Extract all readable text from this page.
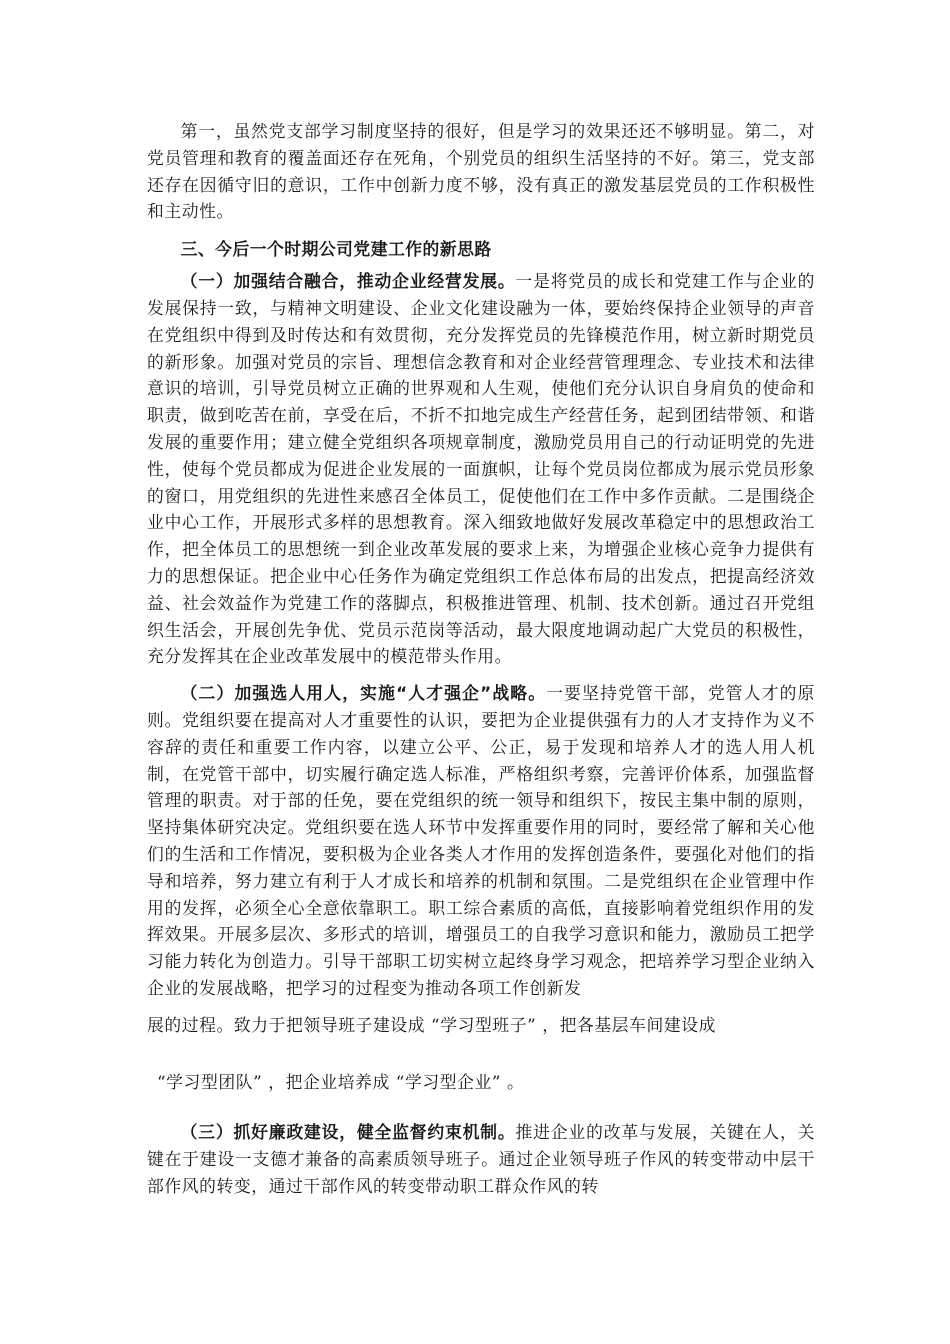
第一，虽然党支部学习制度坚持的很好，但是学习的效果还还不够明显。第二，对党员管理和教育的覆盖面还存在死角，个别党员的组织生活坚持的不好。第三，党支部还存在因循守旧的意识，工作中创新力度不够，没有真正的激发基层党员的工作积极性和主动性。

三、今后一个时期公司党建工作的新思路

（一）加强结合融合，推动企业经营发展。一是将党员的成长和党建工作与企业的发展保持一致，与精神文明建设、企业文化建设融为一体，要始终保持企业领导的声音在党组织中得到及时传达和有效贯彻，充分发挥党员的先锋模范作用，树立新时期党员的新形象。加强对党员的宗旨、理想信念教育和对企业经营管理理念、专业技术和法律意识的培训，引导党员树立正确的世界观和人生观，使他们充分认识自身肩负的使命和职责，做到吃苦在前，享受在后，不折不扣地完成生产经营任务，起到团结带领、和谐发展的重要作用；建立健全党组织各项规章制度，激励党员用自己的行动证明党的先进性，使每个党员都成为促进企业发展的一面旗帜，让每个党员岗位都成为展示党员形象的窗口，用党组织的先进性来感召全体员工，促使他们在工作中多作贡献。二是围绕企业中心工作，开展形式多样的思想教育。深入细致地做好发展改革稳定中的思想政治工作，把全体员工的思想统一到企业改革发展的要求上来，为增强企业核心竞争力提供有力的思想保证。把企业中心任务作为确定党组织工作总体布局的出发点，把提高经济效益、社会效益作为党建工作的落脚点，积极推进管理、机制、技术创新。通过召开党组织生活会，开展创先争优、党员示范岗等活动，最大限度地调动起广大党员的积极性，充分发挥其在企业改革发展中的模范带头作用。

（二）加强选人用人，实施“人才强企”战略。一要坚持党管干部，党管人才的原则。党组织要在提高对人才重要性的认识，要把为企业提供强有力的人才支持作为义不容辞的责任和重要工作内容，以建立公平、公正，易于发现和培养人才的选人用人机制，在党管干部中，切实履行确定选人标准，严格组织考察，完善评价体系，加强监督管理的职责。对于部的任免，要在党组织的统一领导和组织下，按民主集中制的原则，坚持集体研究决定。党组织要在选人环节中发挥重要作用的同时，要经常了解和关心他们的生活和工作情况，要积极为企业各类人才作用的发挥创造条件，要强化对他们的指导和培养，努力建立有利于人才成长和培养的机制和氛围。二是党组织在企业管理中作用的发挥，必须全心全意依靠职工。职工综合素质的高低，直接影响着党组织作用的发挥效果。开展多层次、多形式的培训，增强员工的自我学习意识和能力，激励员工把学习能力转化为创造力。引导干部职工切实树立起终身学习观念，把培养学习型企业纳入企业的发展战略，把学习的过程变为推动各项工作创新发

展的过程。致力于把领导班子建设成 “学习型班子” ，把各基层车间建设成

“学习型团队” ，把企业培养成 “学习型企业” 。

（三）抓好廉政建设，健全监督约束机制。推进企业的改革与发展，关键在人，关键在于建设一支德才兼备的高素质领导班子。通过企业领导班子作风的转变带动中层干部作风的转变，通过干部作风的转变带动职工群众作风的转
